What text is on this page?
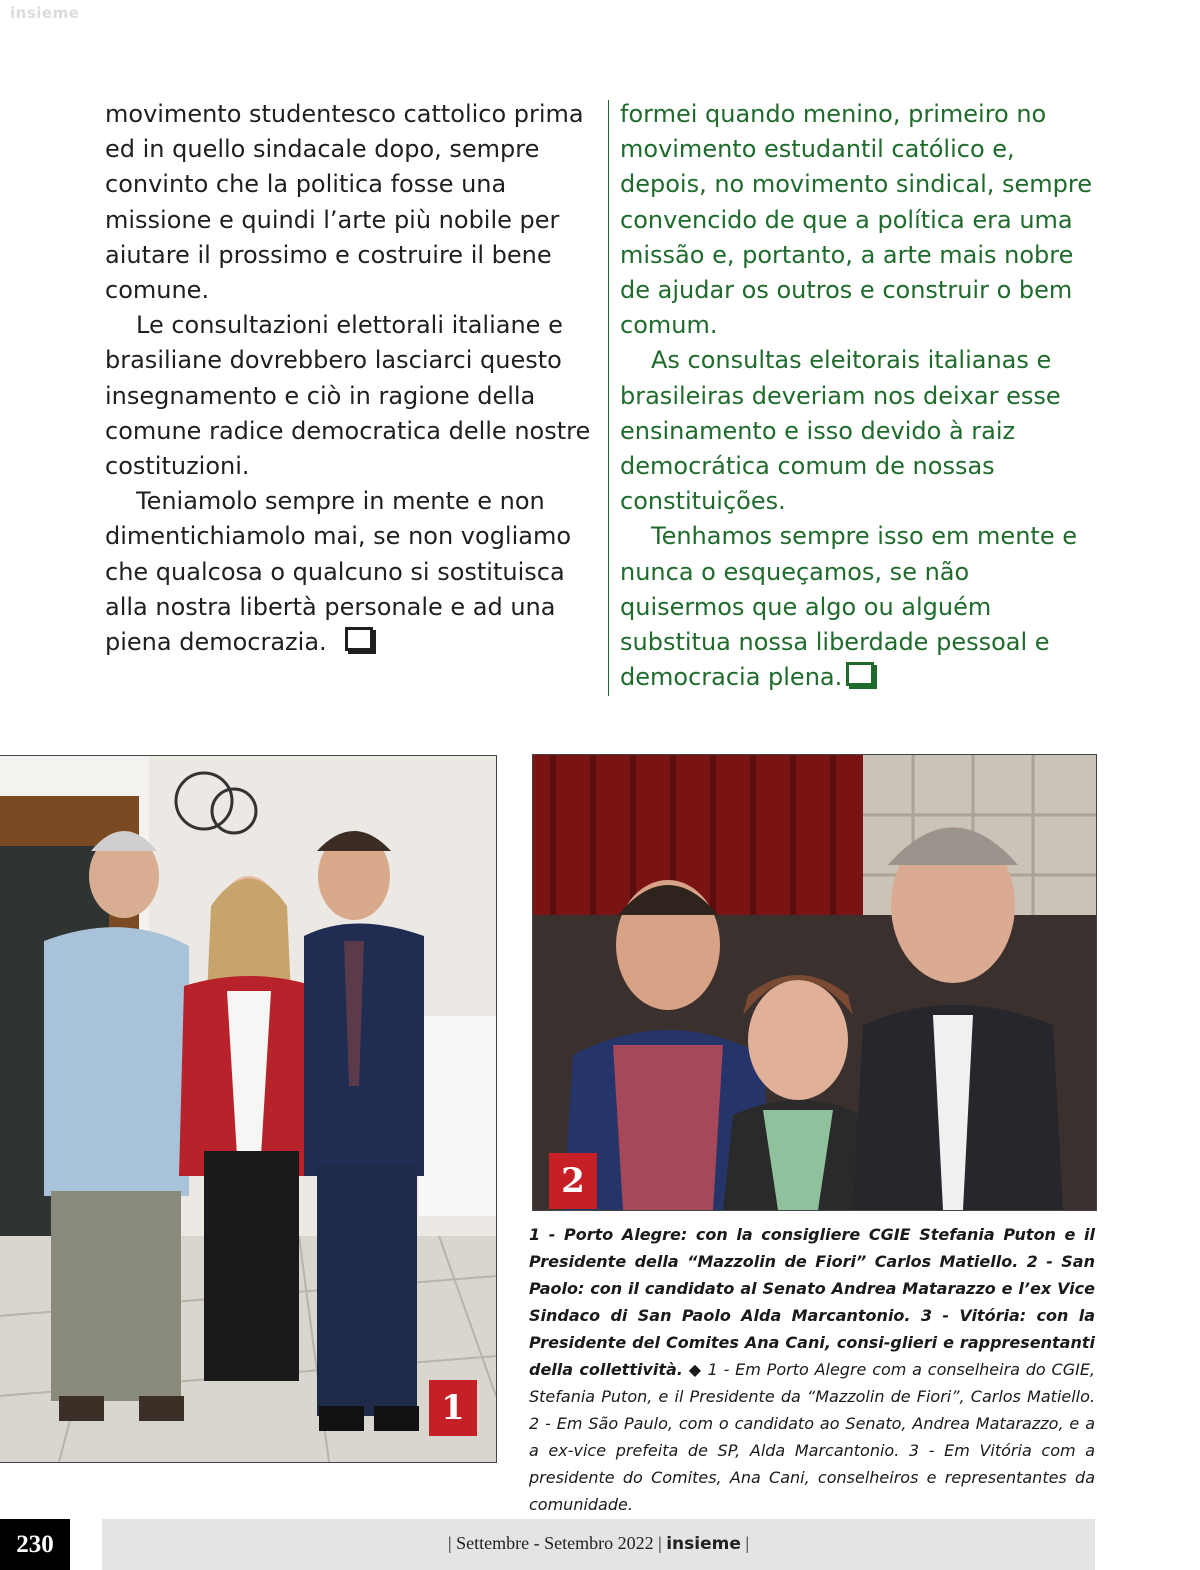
insieme

movimento studentesco cattolico prima ed in quello sindacale dopo, sempre convinto che la politica fosse una missione e quindi l’arte più nobile per aiutare il prossimo e costruire il bene comune.

Le consultazioni elettorali italiane e brasiliane dovrebbero lasciarci questo insegnamento e ciò in ragione della comune radice democratica delle nostre costituzioni.

Teniamolo sempre in mente e non dimentichiamolo mai, se non vogliamo che qualcosa o qualcuno si sostituisca alla nostra libertà personale e ad una piena democrazia.

formei quando menino, primeiro no movimento estudantil católico e, depois, no movimento sindical, sempre convencido de que a política era uma missão e, portanto, a arte mais nobre de ajudar os outros e construir o bem comum.

As consultas eleitorais italianas e brasileiras deveriam nos deixar esse ensinamento e isso devido à raiz democrática comum de nossas constituições.

Tenhamos sempre isso em mente e nunca o esqueçamos, se não quisermos que algo ou alguém substitua nossa liberdade pessoal e democracia plena.

1
2
1 - Porto Alegre: con la consigliere CGIE Stefania Puton e il Presidente della “Mazzolin de Fiori” Carlos Matiello. 2 - San Paolo: con il candidato al Senato Andrea Matarazzo e l’ex Vice Sindaco di San Paolo Alda Marcantonio. 3 - Vitória: con la Presidente del Comites Ana Cani, consi-glieri e rappresentanti della collettività. ◆ 1 - Em Porto Alegre com a conselheira do CGIE, Stefania Puton, e il Presidente da “Mazzolin de Fiori”, Carlos Matiello. 2 - Em São Paulo, com o candidato ao Senato, Andrea Matarazzo, e a a ex-vice prefeita de SP, Alda Marcantonio. 3 - Em Vitória com a presidente do Comites, Ana Cani, conselheiros e representantes da comunidade.
230	| Settembre - Setembro 2022 | insieme |
